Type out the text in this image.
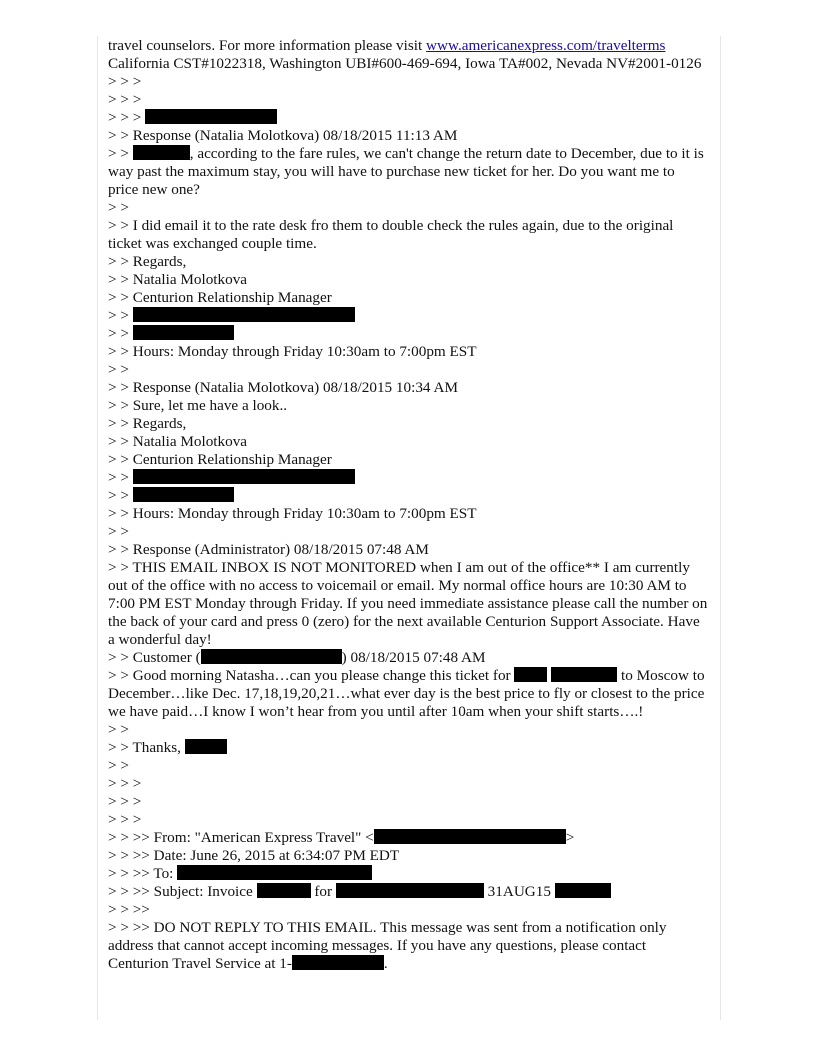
travel counselors. For more information please visit www.americanexpress.com/travelterms

California CST#1022318, Washington UBI#600-469-694, Iowa TA#002, Nevada NV#2001-0126

> > >

> > >

> > >

> > Response (Natalia Molotkova) 08/18/2015 11:13 AM

> >	, according to the fare rules, we can't change the return date to December, due to it is way past the maximum stay, you will have to purchase new ticket for her. Do you want me to price new one?

> >

> > I did email it to the rate desk fro them to double check the rules again, due to the original ticket was exchanged couple time.

> > Regards,

> > Natalia Molotkova

> > Centurion Relationship Manager

> >

> >

> > Hours: Monday through Friday 10:30am to 7:00pm EST

> >

> > Response (Natalia Molotkova) 08/18/2015 10:34 AM

> > Sure, let me have a look..

> > Regards,

> > Natalia Molotkova

> > Centurion Relationship Manager

> >

> >

> > Hours: Monday through Friday 10:30am to 7:00pm EST

> >

> > Response (Administrator) 08/18/2015 07:48 AM

> > THIS EMAIL INBOX IS NOT MONITORED when I am out of the office** I am currently out of the office with no access to voicemail or email. My normal office hours are 10:30 AM to 7:00 PM EST Monday through Friday. If you need immediate assistance please call the number on the back of your card and press 0 (zero) for the next available Centurion Support Associate. Have a wonderful day!

> > Customer (	) 08/18/2015 07:48 AM

> > Good morning Natasha…can you please change this ticket for	to Moscow to December…like Dec. 17,18,19,20,21…what ever day is the best price to fly or closest to the price we have paid…I know I won’t hear from you until after 10am when your shift starts….!

> >

> > Thanks,

> >

> > >

> > >

> > >

> > >> From: "American Express Travel" <	>

> > >> Date: June 26, 2015 at 6:34:07 PM EDT

> > >> To:

> > >> Subject: Invoice	for	31AUG15

> > >>

> > >> DO NOT REPLY TO THIS EMAIL. This message was sent from a notification only address that cannot accept incoming messages. If you have any questions, please contact Centurion Travel Service at 1-	.
